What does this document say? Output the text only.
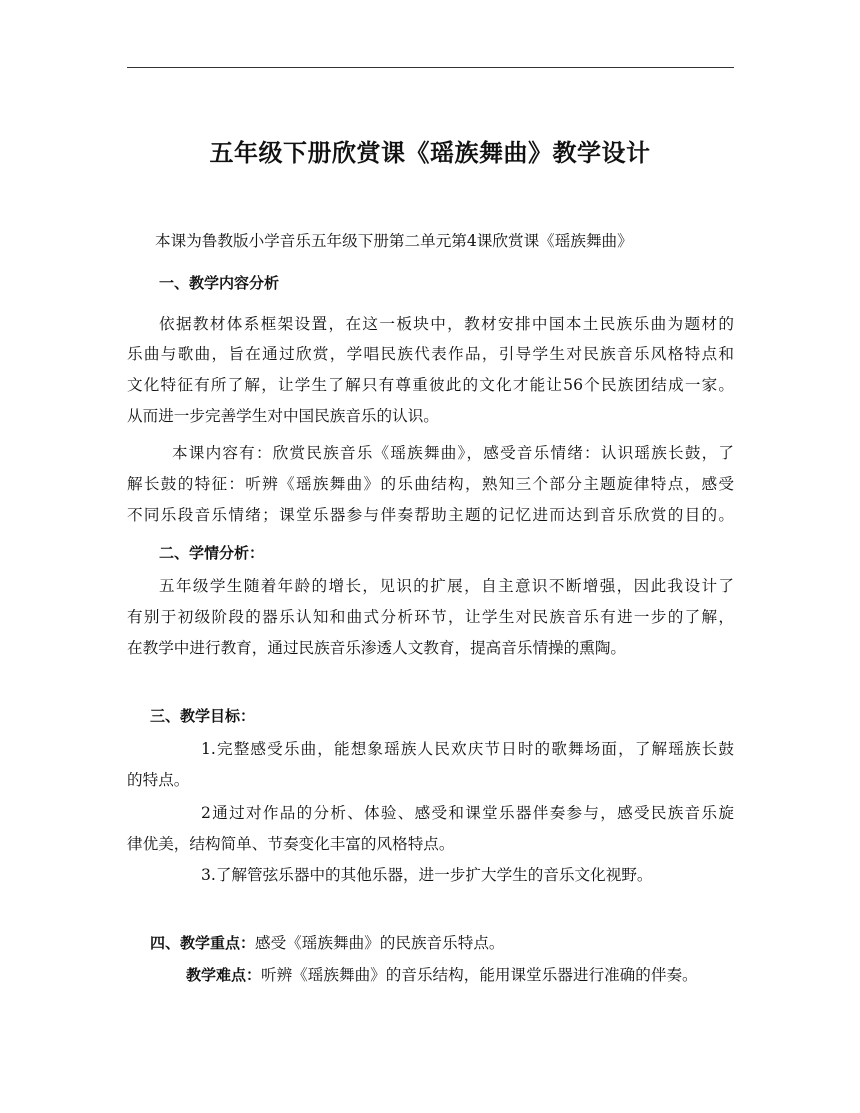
五年级下册欣赏课《瑶族舞曲》教学设计
本课为鲁教版小学音乐五年级下册第二单元第4课欣赏课《瑶族舞曲》
一、教学内容分析
依据教材体系框架设置，在这一板块中，教材安排中国本土民族乐曲为题材的
乐曲与歌曲，旨在通过欣赏，学唱民族代表作品，引导学生对民族音乐风格特点和
文化特征有所了解，让学生了解只有尊重彼此的文化才能让56个民族团结成一家。
从而进一步完善学生对中国民族音乐的认识。
本课内容有：欣赏民族音乐《瑶族舞曲》，感受音乐情绪：认识瑶族长鼓，了
解长鼓的特征：听辨《瑶族舞曲》的乐曲结构，熟知三个部分主题旋律特点，感受
不同乐段音乐情绪；课堂乐器参与伴奏帮助主题的记忆进而达到音乐欣赏的目的。
二、学情分析：
五年级学生随着年龄的增长，见识的扩展，自主意识不断增强，因此我设计了
有别于初级阶段的器乐认知和曲式分析环节，让学生对民族音乐有进一步的了解，
在教学中进行教育，通过民族音乐渗透人文教育，提高音乐情操的熏陶。
三、教学目标：
1.完整感受乐曲，能想象瑶族人民欢庆节日时的歌舞场面，了解瑶族长鼓
的特点。
2通过对作品的分析、体验、感受和课堂乐器伴奏参与，感受民族音乐旋
律优美，结构简单、节奏变化丰富的风格特点。
3.了解管弦乐器中的其他乐器，进一步扩大学生的音乐文化视野。
四、教学重点：感受《瑶族舞曲》的民族音乐特点。
教学难点：听辨《瑶族舞曲》的音乐结构，能用课堂乐器进行准确的伴奏。
